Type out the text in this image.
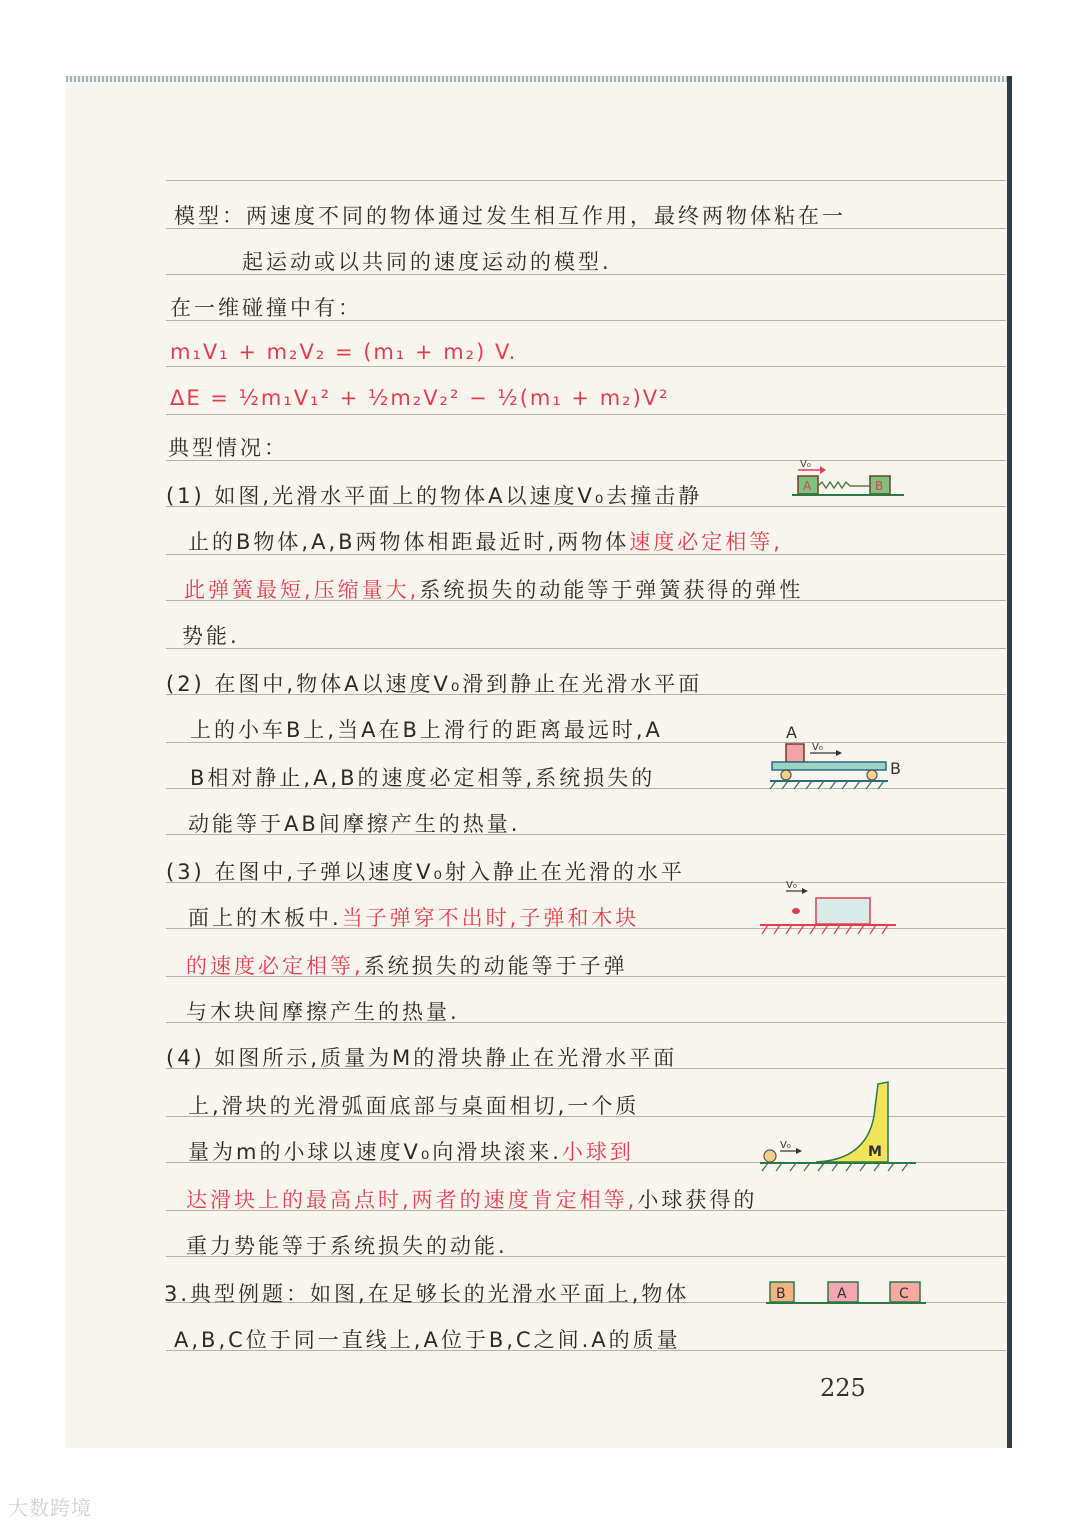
模型：两速度不同的物体通过发生相互作用，最终两物体粘在一
起运动或以共同的速度运动的模型.
在一维碰撞中有：
m₁V₁ + m₂V₂ = (m₁ + m₂) V.
ΔE = ½m₁V₁² + ½m₂V₂² − ½(m₁ + m₂)V²
典型情况：
(1) 如图,光滑水平面上的物体A以速度V₀去撞击静
止的B物体,A,B两物体相距最近时,两物体速度必定相等,
此弹簧最短,压缩量大,系统损失的动能等于弹簧获得的弹性
势能.
(2) 在图中,物体A以速度V₀滑到静止在光滑水平面
上的小车B上,当A在B上滑行的距离最远时,A
B相对静止,A,B的速度必定相等,系统损失的
动能等于AB间摩擦产生的热量.
(3) 在图中,子弹以速度V₀射入静止在光滑的水平
面上的木板中.当子弹穿不出时,子弹和木块
的速度必定相等,系统损失的动能等于子弹
与木块间摩擦产生的热量.
(4) 如图所示,质量为M的滑块静止在光滑水平面
上,滑块的光滑弧面底部与桌面相切,一个质
量为m的小球以速度V₀向滑块滚来.小球到
达滑块上的最高点时,两者的速度肯定相等,小球获得的
重力势能等于系统损失的动能.
3.典型例题：如图,在足够长的光滑水平面上,物体
A,B,C位于同一直线上,A位于B,C之间.A的质量
225
V₀
A	B
A
V₀
B
V₀
M
V₀
B	A	C
大数跨境
